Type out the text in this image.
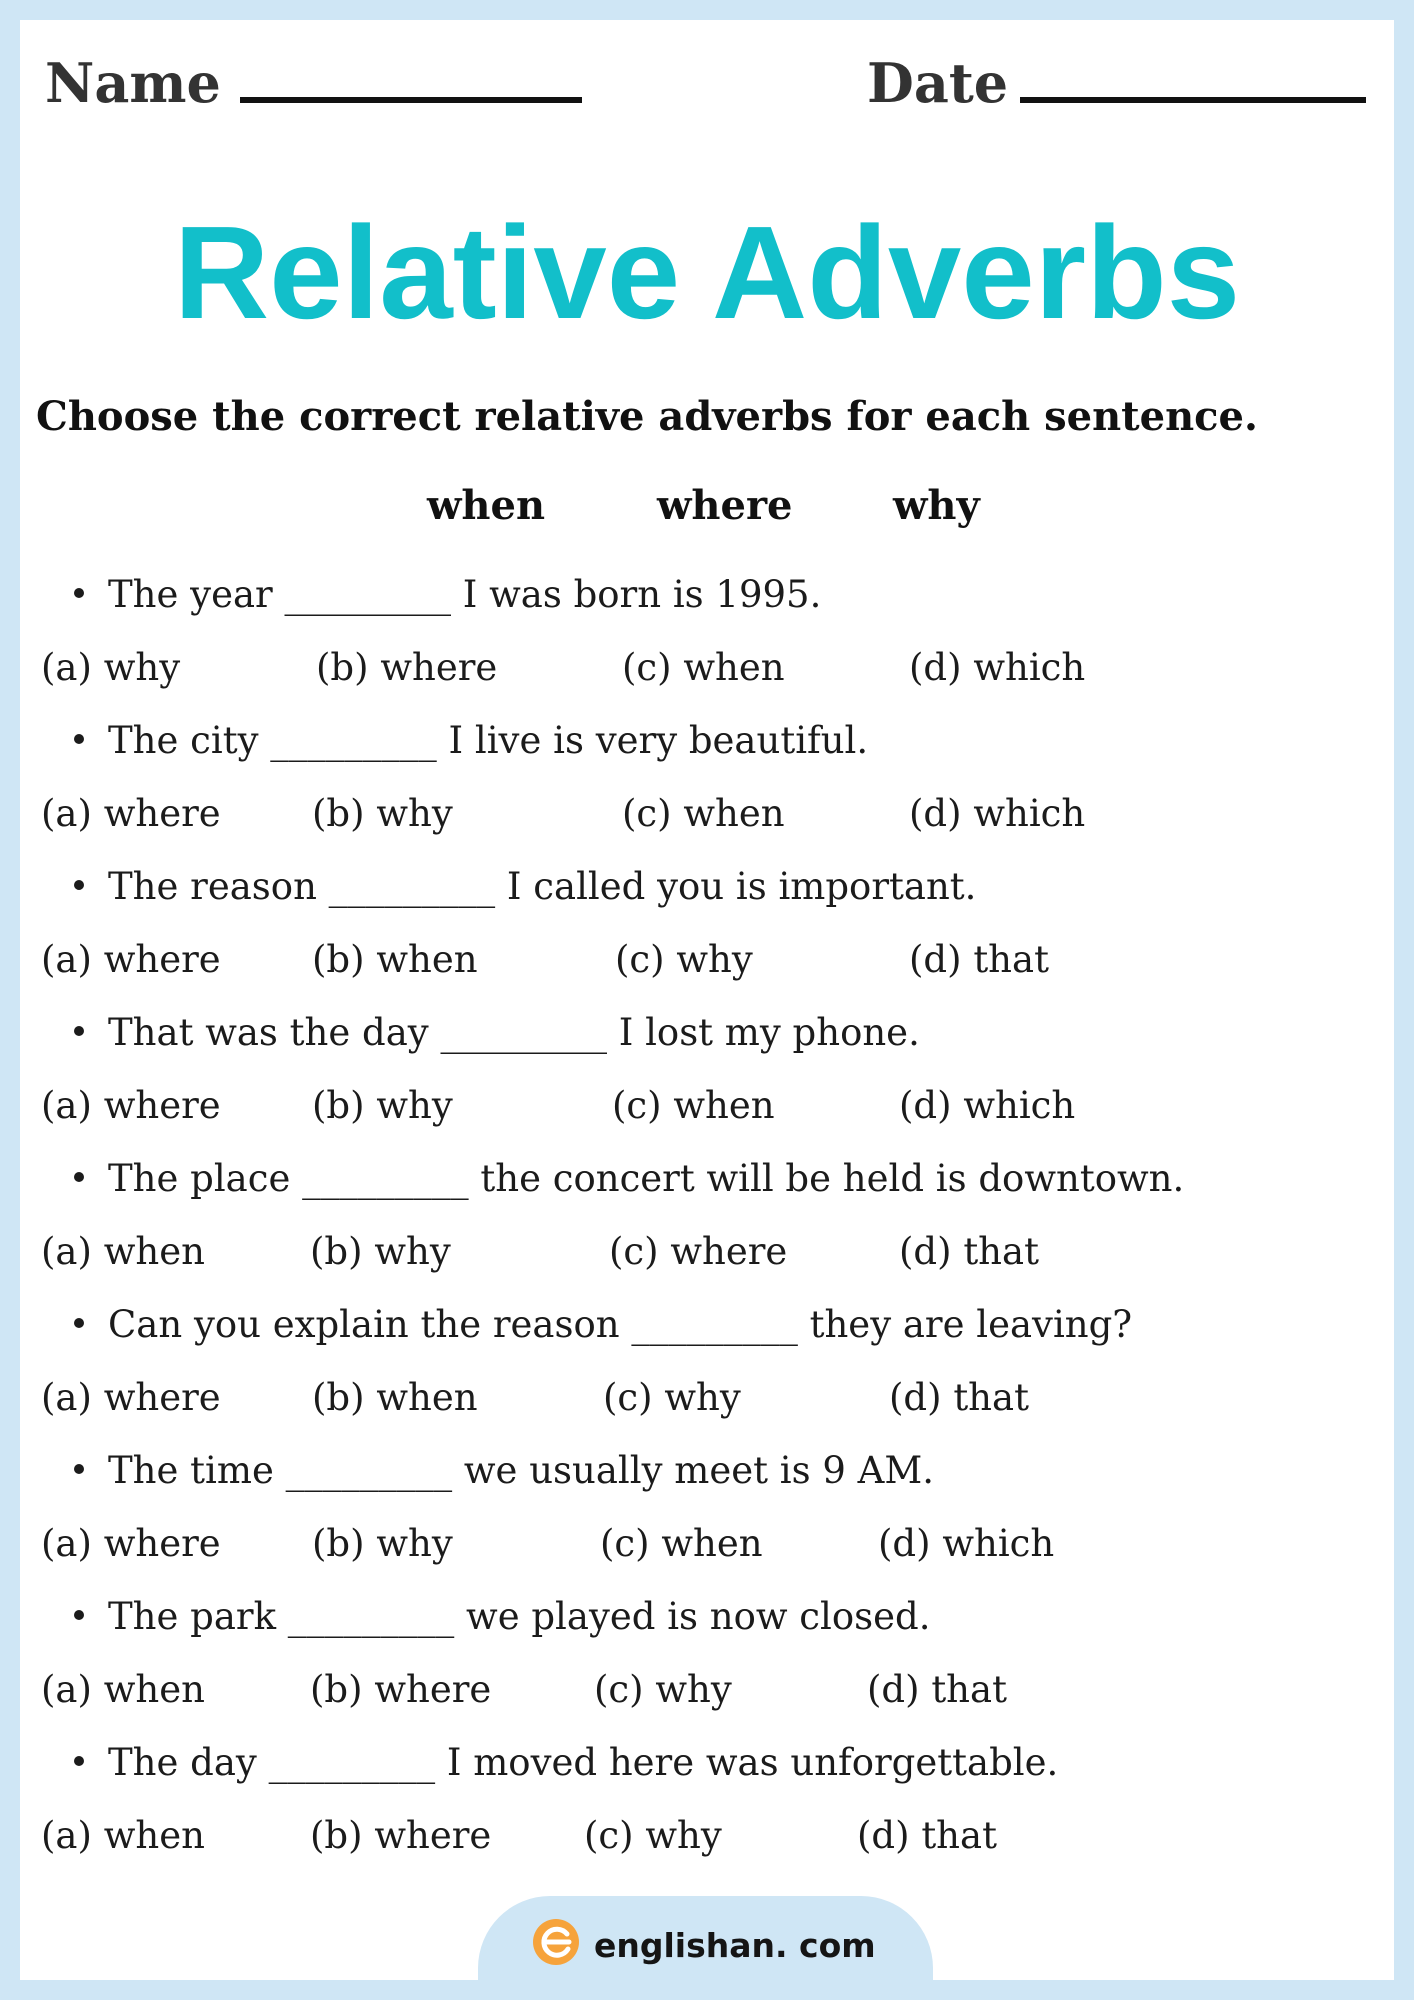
Name	Date
Relative Adverbs
Choose the correct relative adverbs for each sentence.
when	where	why
The year _________ I was born is 1995.
(a) why	(b) where	(c) when	(d) which
The city _________ I live is very beautiful.
(a) where (b) why	(c) when	(d) which
The reason _________ I called you is important.
(a) where (b) when	(c) why	(d) that
That was the day _________ I lost my phone.
(a) where (b) why	(c) when	(d) which
The place _________ the concert will be held is downtown.
(a) when	(b) why	(c) where	(d) that
Can you explain the reason _________ they are leaving?
(a) where (b) when	(c) why	(d) that
The time _________ we usually meet is 9 AM.
(a) where (b) why	(c) when	(d) which
The park _________ we played is now closed.
(a) when	(b) where	(c) why	(d) that
The day _________ I moved here was unforgettable.
(a) when	(b) where	(c) why	(d) that
englishan. com
